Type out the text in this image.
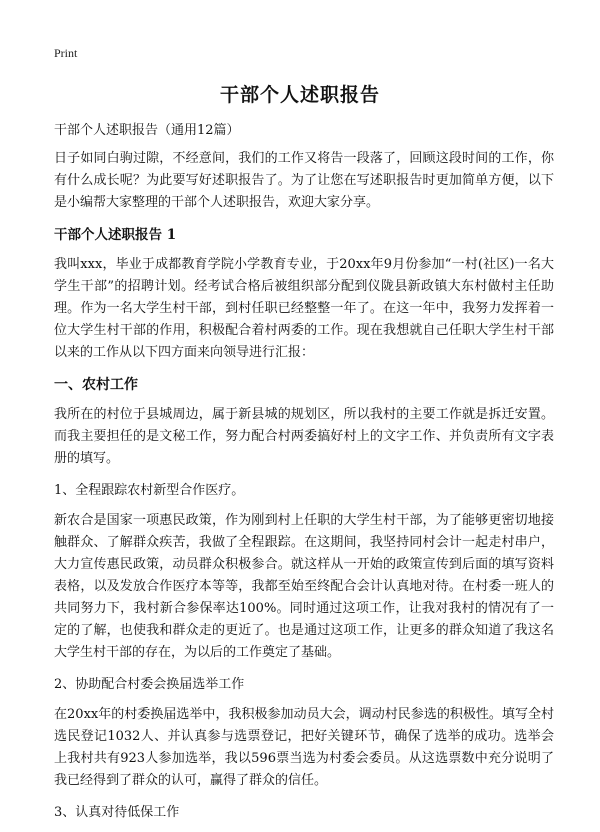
Print
干部个人述职报告

干部个人述职报告（通用12篇）

日子如同白驹过隙，不经意间，我们的工作又将告一段落了，回顾这段时间的工作，你有什么成长呢？为此要写好述职报告了。为了让您在写述职报告时更加简单方便，以下是小编帮大家整理的干部个人述职报告，欢迎大家分享。

干部个人述职报告 1

我叫xxx，毕业于成都教育学院小学教育专业，于20xx年9月份参加“一村(社区)一名大学生干部”的招聘计划。经考试合格后被组织部分配到仪陇县新政镇大东村做村主任助理。作为一名大学生村干部，到村任职已经整整一年了。在这一年中，我努力发挥着一位大学生村干部的作用，积极配合着村两委的工作。现在我想就自己任职大学生村干部以来的工作从以下四方面来向领导进行汇报：

一、农村工作

我所在的村位于县城周边，属于新县城的规划区，所以我村的主要工作就是拆迁安置。而我主要担任的是文秘工作，努力配合村两委搞好村上的文字工作、并负责所有文字表册的填写。

1、全程跟踪农村新型合作医疗。

新农合是国家一项惠民政策，作为刚到村上任职的大学生村干部，为了能够更密切地接触群众、了解群众疾苦，我做了全程跟踪。在这期间，我坚持同村会计一起走村串户，大力宣传惠民政策，动员群众积极参合。就这样从一开始的政策宣传到后面的填写资料表格，以及发放合作医疗本等等，我都至始至终配合会计认真地对待。在村委一班人的共同努力下，我村新合参保率达100%。同时通过这项工作，让我对我村的情况有了一定的了解，也使我和群众走的更近了。也是通过这项工作，让更多的群众知道了我这名大学生村干部的存在，为以后的工作奠定了基础。

2、协助配合村委会换届选举工作

在20xx年的村委换届选举中，我积极参加动员大会，调动村民参选的积极性。填写全村选民登记1032人、并认真参与选票登记，把好关键环节，确保了选举的成功。选举会上我村共有923人参加选举，我以596票当选为村委会委员。从这选票数中充分说明了我已经得到了群众的认可，赢得了群众的信任。

3、认真对待低保工作
